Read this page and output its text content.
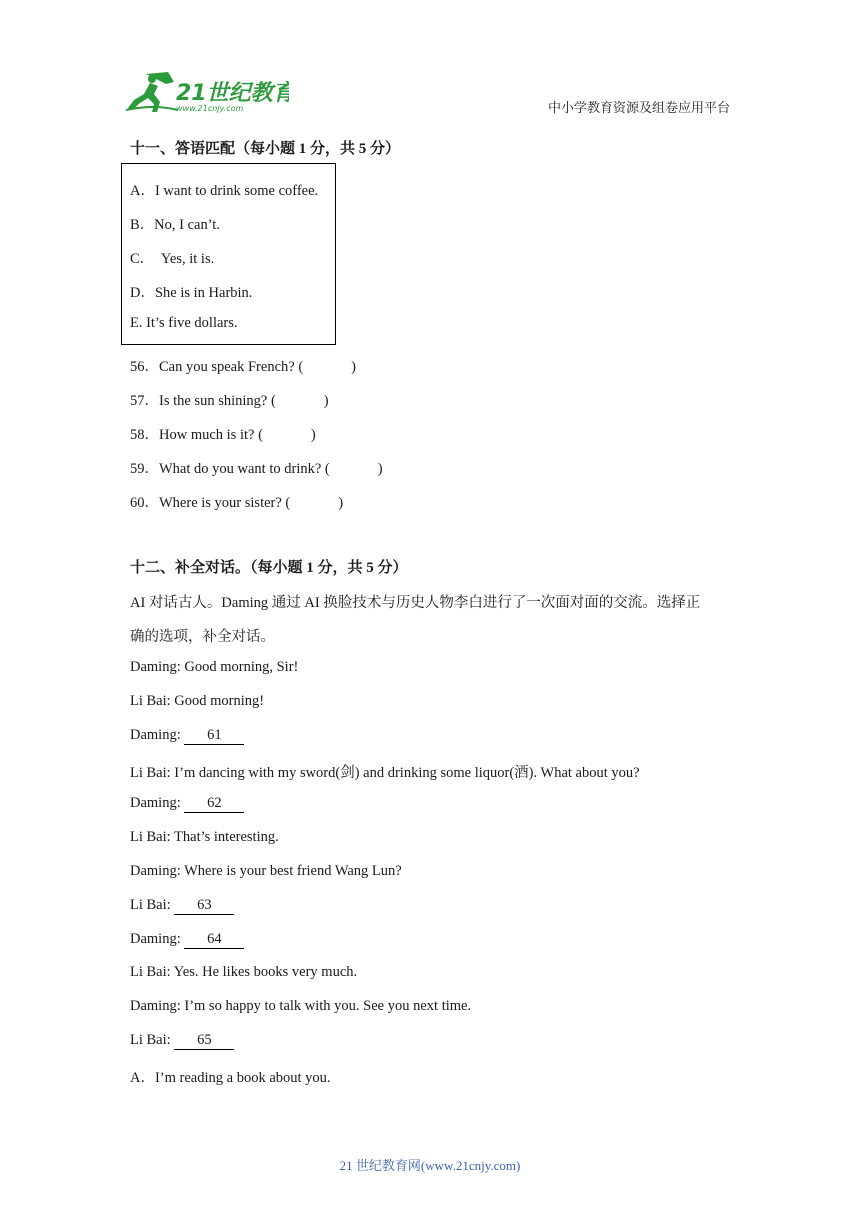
21世纪教育
www.21cnjy.com	中小学教育资源及组卷应用平台
十一、答语匹配（每小题 1 分，共 5 分）
A．I want to drink some coffee.
B．No, I can’t.
C．  Yes, it is.
D．She is in Harbin.
E. It’s five dollars.
56．Can you speak French? (	)
57．Is the sun shining? (	)
58．How much is it? (	)
59．What do you want to drink? (	)
60．Where is your sister? (	)
十二、补全对话。（每小题 1 分，共 5 分）
AI 对话古人。Daming 通过 AI 换脸技术与历史人物李白进行了一次面对面的交流。选择正
确的选项，补全对话。
Daming: Good morning, Sir!
Li Bai: Good morning!
Daming: 61
Li Bai: I’m dancing with my sword(剑) and drinking some liquor(酒). What about you?
Daming: 62
Li Bai: That’s interesting.
Daming: Where is your best friend Wang Lun?
Li Bai: 63
Daming: 64
Li Bai: Yes. He likes books very much.
Daming: I’m so happy to talk with you. See you next time.
Li Bai: 65
A．I’m reading a book about you.
21 世纪教育网(www.21cnjy.com)
